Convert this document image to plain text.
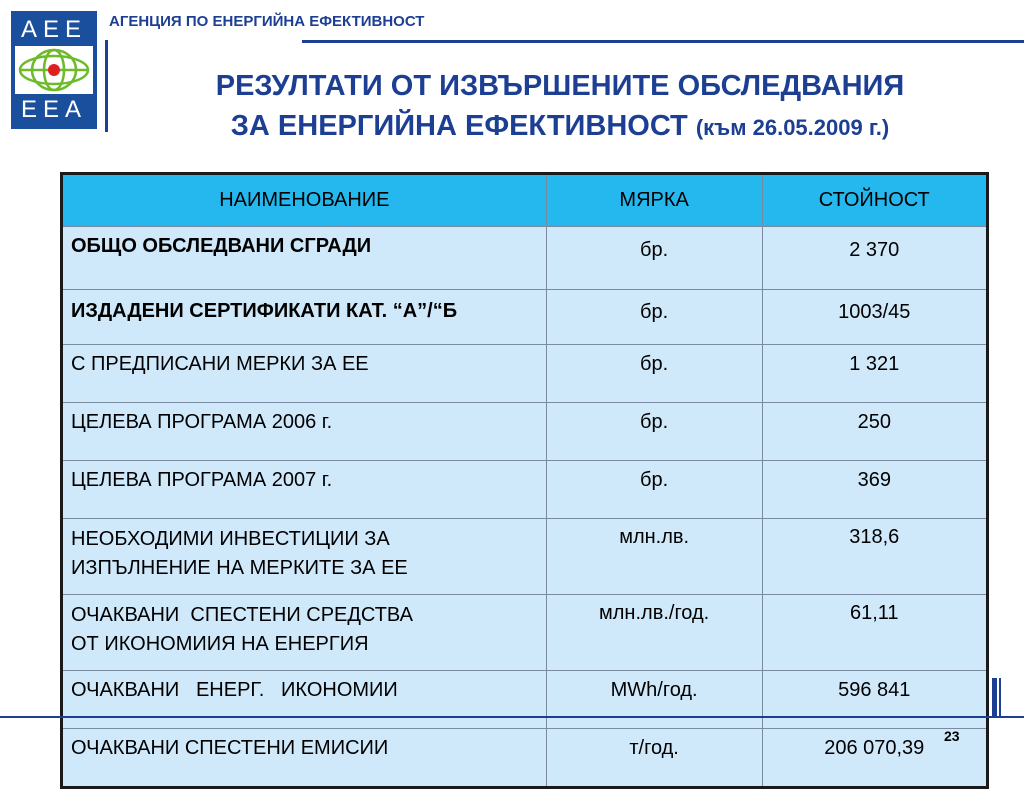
AEE
EEA
АГЕНЦИЯ ПО ЕНЕРГИЙНА ЕФЕКТИВНОСТ
РЕЗУЛТАТИ ОТ ИЗВЪРШЕНИТЕ ОБСЛЕДВАНИЯ
ЗА ЕНЕРГИЙНА ЕФЕКТИВНОСТ (към 26.05.2009 г.)
НАИМЕНОВАНИЕ	МЯРКА	СТОЙНОСТ
ОБЩО ОБСЛЕДВАНИ СГРАДИ	бр.	2 370
ИЗДАДЕНИ СЕРТИФИКАТИ КАТ. “А”/“Б	бр.	1003/45
С ПРЕДПИСАНИ МЕРКИ ЗА ЕЕ	бр.	1 321
ЦЕЛЕВА ПРОГРАМА 2006 г.	бр.	250
ЦЕЛЕВА ПРОГРАМА 2007 г.	бр.	369

НЕОБХОДИМИ ИНВЕСТИЦИИ ЗА
ИЗПЪЛНЕНИЕ НА МЕРКИТЕ ЗА ЕЕ	млн.лв.	318,6

ОЧАКВАНИ  СПЕСТЕНИ СРЕДСТВА
ОТ ИКОНОМИИЯ НА ЕНЕРГИЯ	млн.лв./год.	61,11
ОЧАКВАНИ   ЕНЕРГ.   ИКОНОМИИ	MWh/год.	596 841
ОЧАКВАНИ СПЕСТЕНИ ЕМИСИИ	т/год.	206 070,39
23
